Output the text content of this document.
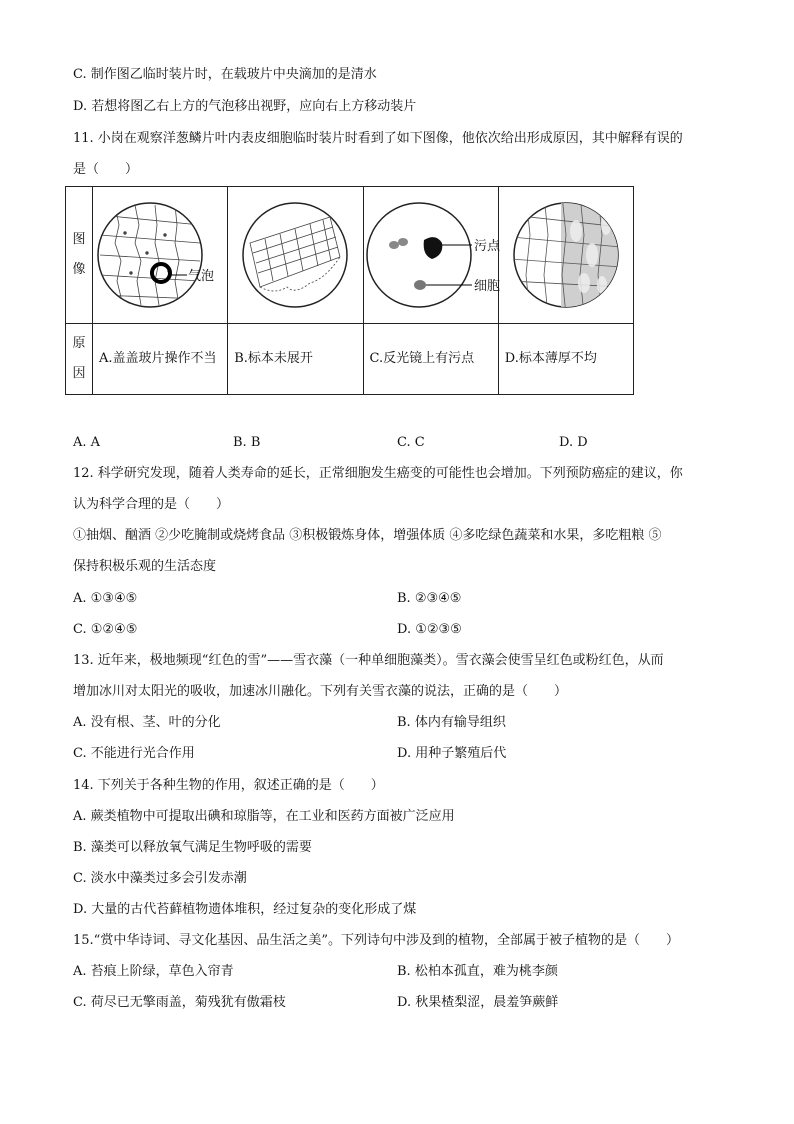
C. 制作图乙临时装片时，在载玻片中央滴加的是清水
D. 若想将图乙右上方的气泡移出视野，应向右上方移动装片
11. 小岗在观察洋葱鳞片叶内表皮细胞临时装片时看到了如下图像，他依次给出形成原因，其中解释有误的
是（　　）
图像	气泡		污点
细胞

原因	A.盖盖玻片操作不当	B.标本未展开	C.反光镜上有污点	D.标本薄厚不均
A. A	B. B	C. C	D. D
12. 科学研究发现，随着人类寿命的延长，正常细胞发生癌变的可能性也会增加。下列预防癌症的建议，你
认为科学合理的是（　　）
①抽烟、酗酒 ②少吃腌制或烧烤食品 ③积极锻炼身体，增强体质 ④多吃绿色蔬菜和水果，多吃粗粮 ⑤
保持积极乐观的生活态度
A. ①③④⑤	B. ②③④⑤
C. ①②④⑤	D. ①②③⑤
13. 近年来，极地频现“红色的雪”——雪衣藻（一种单细胞藻类）。雪衣藻会使雪呈红色或粉红色，从而
增加冰川对太阳光的吸收，加速冰川融化。下列有关雪衣藻的说法，正确的是（　　）
A. 没有根、茎、叶的分化	B. 体内有输导组织
C. 不能进行光合作用	D. 用种子繁殖后代
14. 下列关于各种生物的作用，叙述正确的是（　　）
A. 蕨类植物中可提取出碘和琼脂等，在工业和医药方面被广泛应用
B. 藻类可以释放氧气满足生物呼吸的需要
C. 淡水中藻类过多会引发赤潮
D. 大量的古代苔藓植物遗体堆积，经过复杂的变化形成了煤
15.“赏中华诗词、寻文化基因、品生活之美”。下列诗句中涉及到的植物，全部属于被子植物的是（　　）
A. 苔痕上阶绿，草色入帘青	B. 松柏本孤直，难为桃李颜
C. 荷尽已无擎雨盖，菊残犹有傲霜枝	D. 秋果楂梨涩，晨羞笋蕨鲜
